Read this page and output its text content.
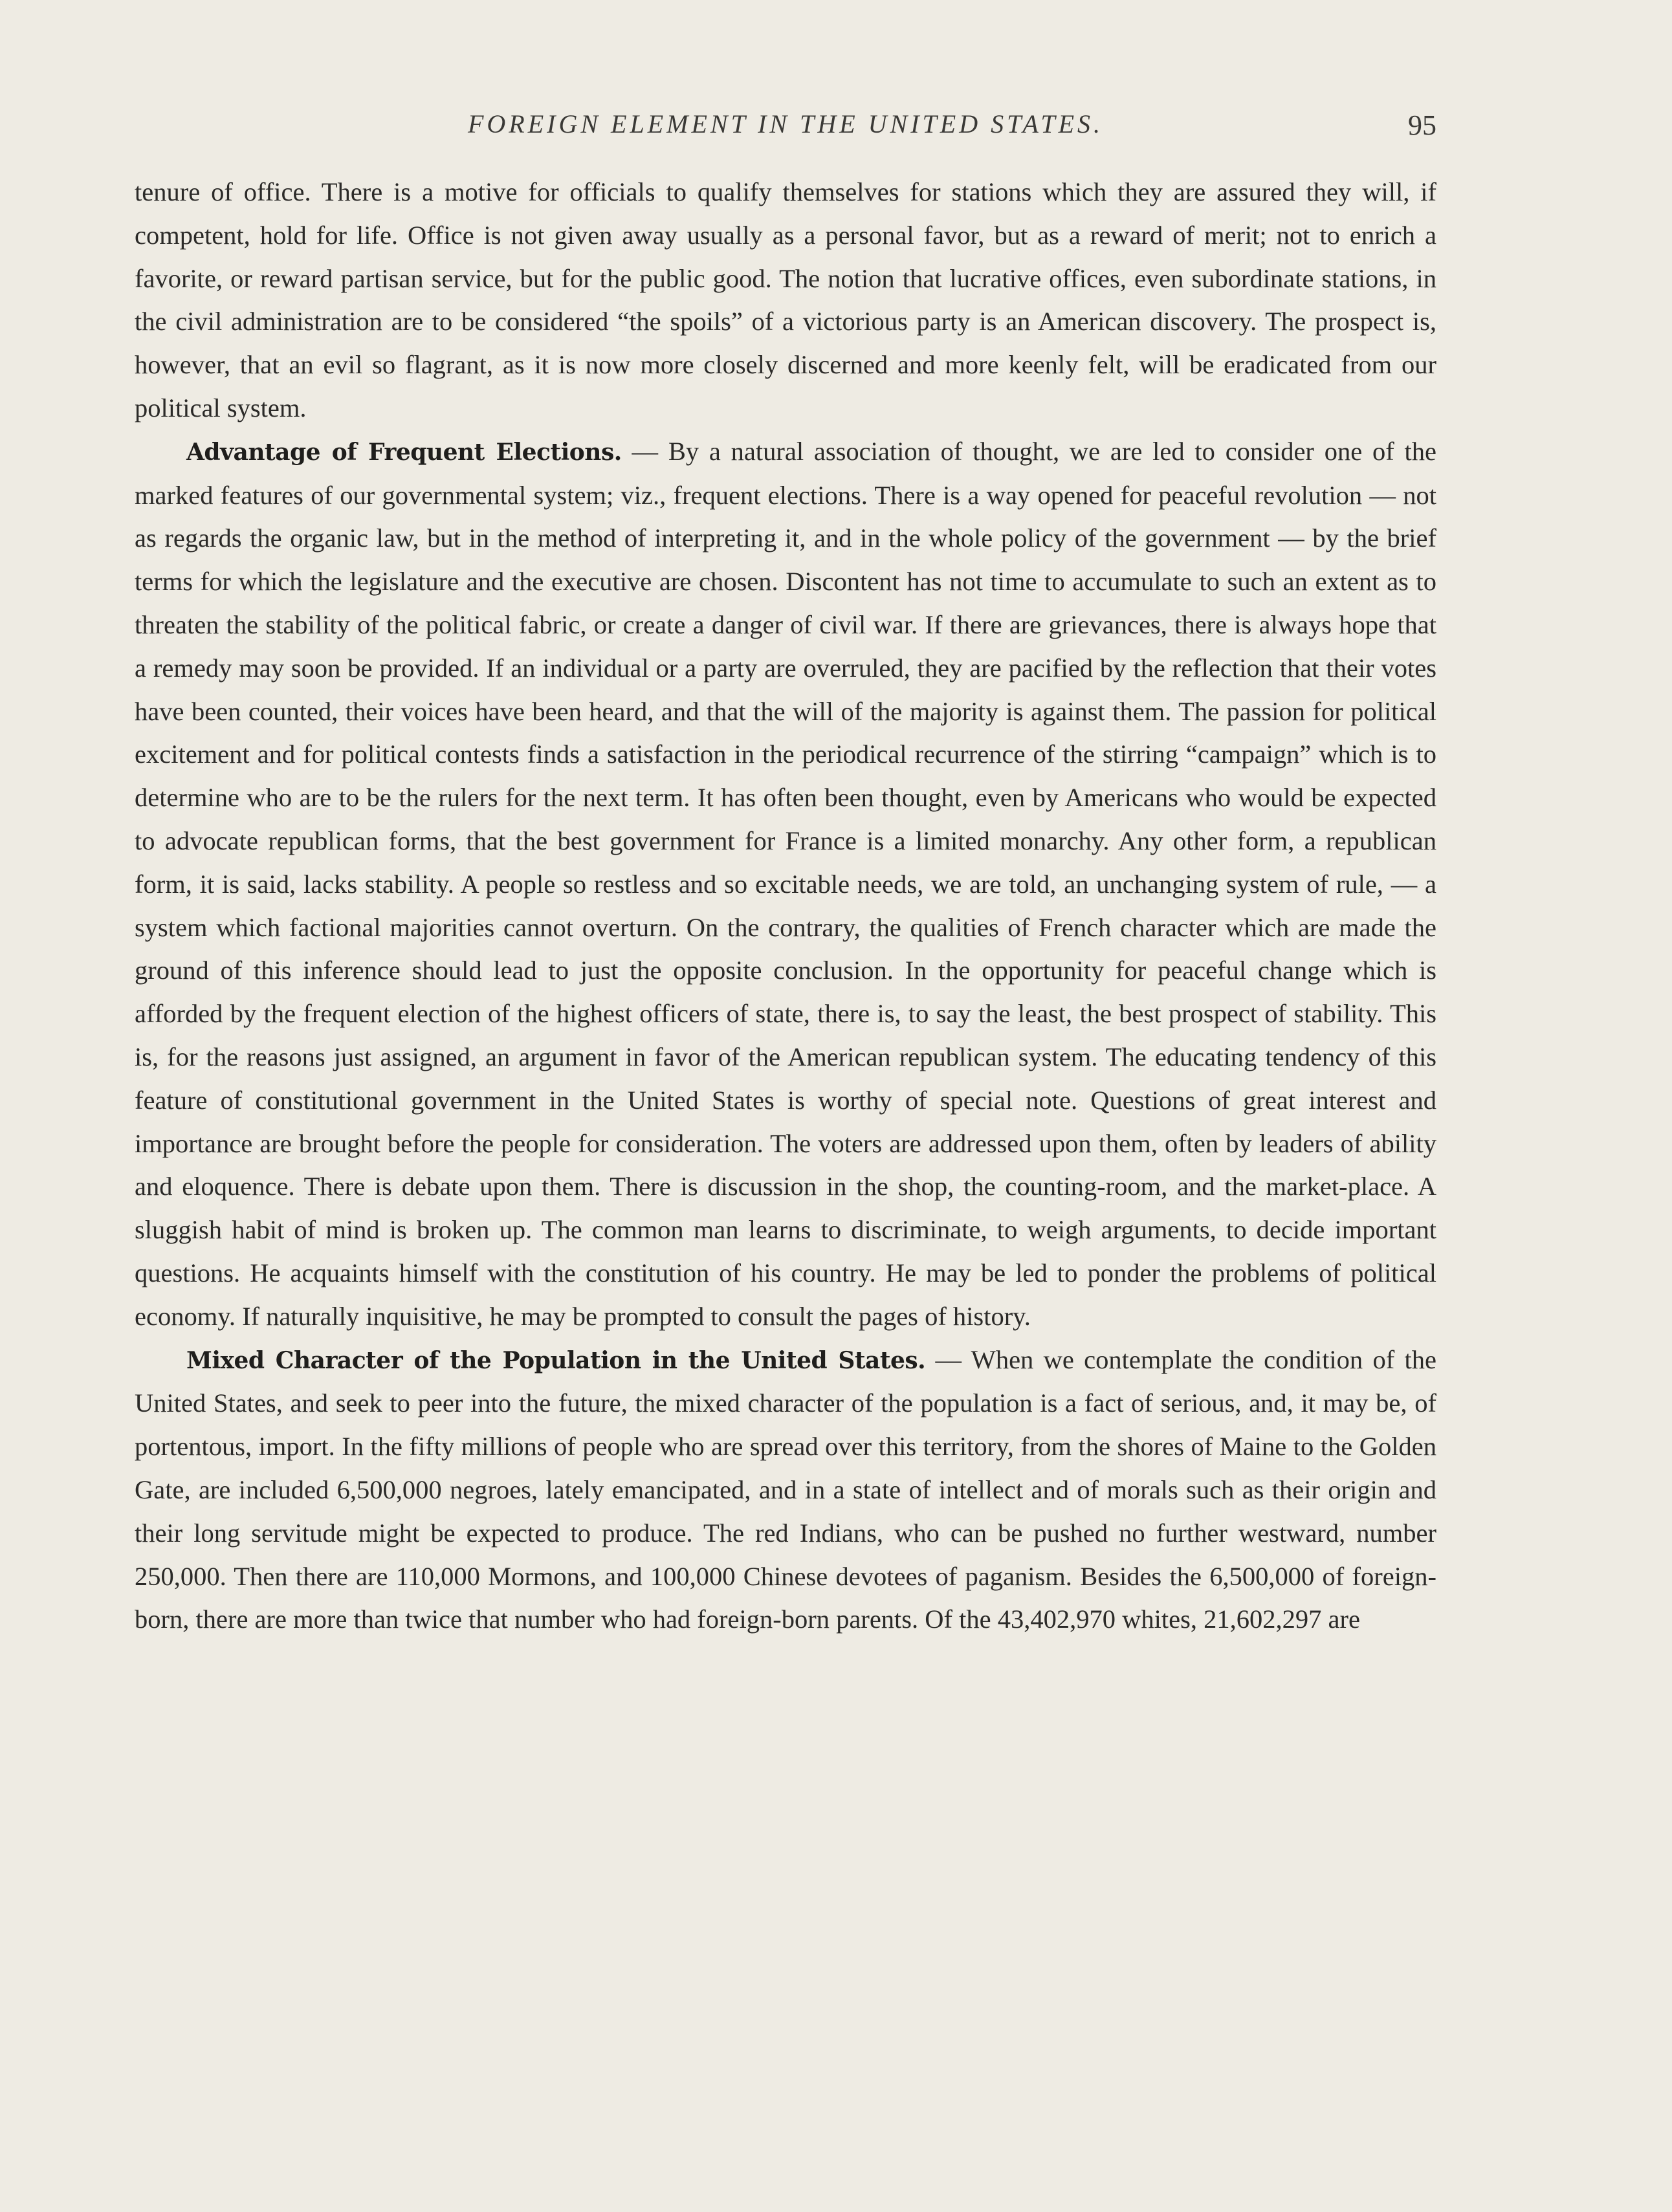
FOREIGN ELEMENT IN THE UNITED STATES.	95

tenure of office. There is a motive for officials to qualify themselves for stations which they are assured they will, if competent, hold for life. Office is not given away usually as a personal favor, but as a reward of merit; not to enrich a favorite, or reward partisan service, but for the public good. The notion that lucrative offices, even subordinate stations, in the civil administration are to be considered “the spoils” of a victorious party is an American discovery. The prospect is, however, that an evil so flagrant, as it is now more closely discerned and more keenly felt, will be eradicated from our political system.

Advantage of Frequent Elections. — By a natural association of thought, we are led to consider one of the marked features of our governmental system; viz., frequent elections. There is a way opened for peaceful revolution — not as regards the organic law, but in the method of interpreting it, and in the whole policy of the government — by the brief terms for which the legislature and the executive are chosen. Discontent has not time to accumulate to such an extent as to threaten the stability of the political fabric, or create a danger of civil war. If there are grievances, there is always hope that a remedy may soon be provided. If an individual or a party are overruled, they are pacified by the reflection that their votes have been counted, their voices have been heard, and that the will of the majority is against them. The passion for political excitement and for political contests finds a satisfaction in the periodical recurrence of the stirring “campaign” which is to determine who are to be the rulers for the next term. It has often been thought, even by Americans who would be expected to advocate republican forms, that the best government for France is a limited monarchy. Any other form, a republican form, it is said, lacks stability. A people so restless and so excitable needs, we are told, an unchanging system of rule, — a system which factional majorities cannot overturn. On the contrary, the qualities of French character which are made the ground of this inference should lead to just the opposite conclusion. In the opportunity for peaceful change which is afforded by the frequent election of the highest officers of state, there is, to say the least, the best prospect of stability. This is, for the reasons just assigned, an argument in favor of the American republican system. The educating tendency of this feature of constitutional government in the United States is worthy of special note. Questions of great interest and importance are brought before the people for consideration. The voters are addressed upon them, often by leaders of ability and eloquence. There is debate upon them. There is discussion in the shop, the counting-room, and the market-place. A sluggish habit of mind is broken up. The common man learns to discriminate, to weigh arguments, to decide important questions. He acquaints himself with the constitution of his country. He may be led to ponder the problems of political economy. If naturally inquisitive, he may be prompted to consult the pages of history.

Mixed Character of the Population in the United States. — When we contemplate the condition of the United States, and seek to peer into the future, the mixed character of the population is a fact of serious, and, it may be, of portentous, import. In the fifty millions of people who are spread over this territory, from the shores of Maine to the Golden Gate, are included 6,500,000 negroes, lately emancipated, and in a state of intellect and of morals such as their origin and their long servitude might be expected to produce. The red Indians, who can be pushed no further westward, number 250,000. Then there are 110,000 Mormons, and 100,000 Chinese devotees of paganism. Besides the 6,500,000 of foreign-born, there are more than twice that number who had foreign-born parents. Of the 43,402,970 whites, 21,602,297 are
